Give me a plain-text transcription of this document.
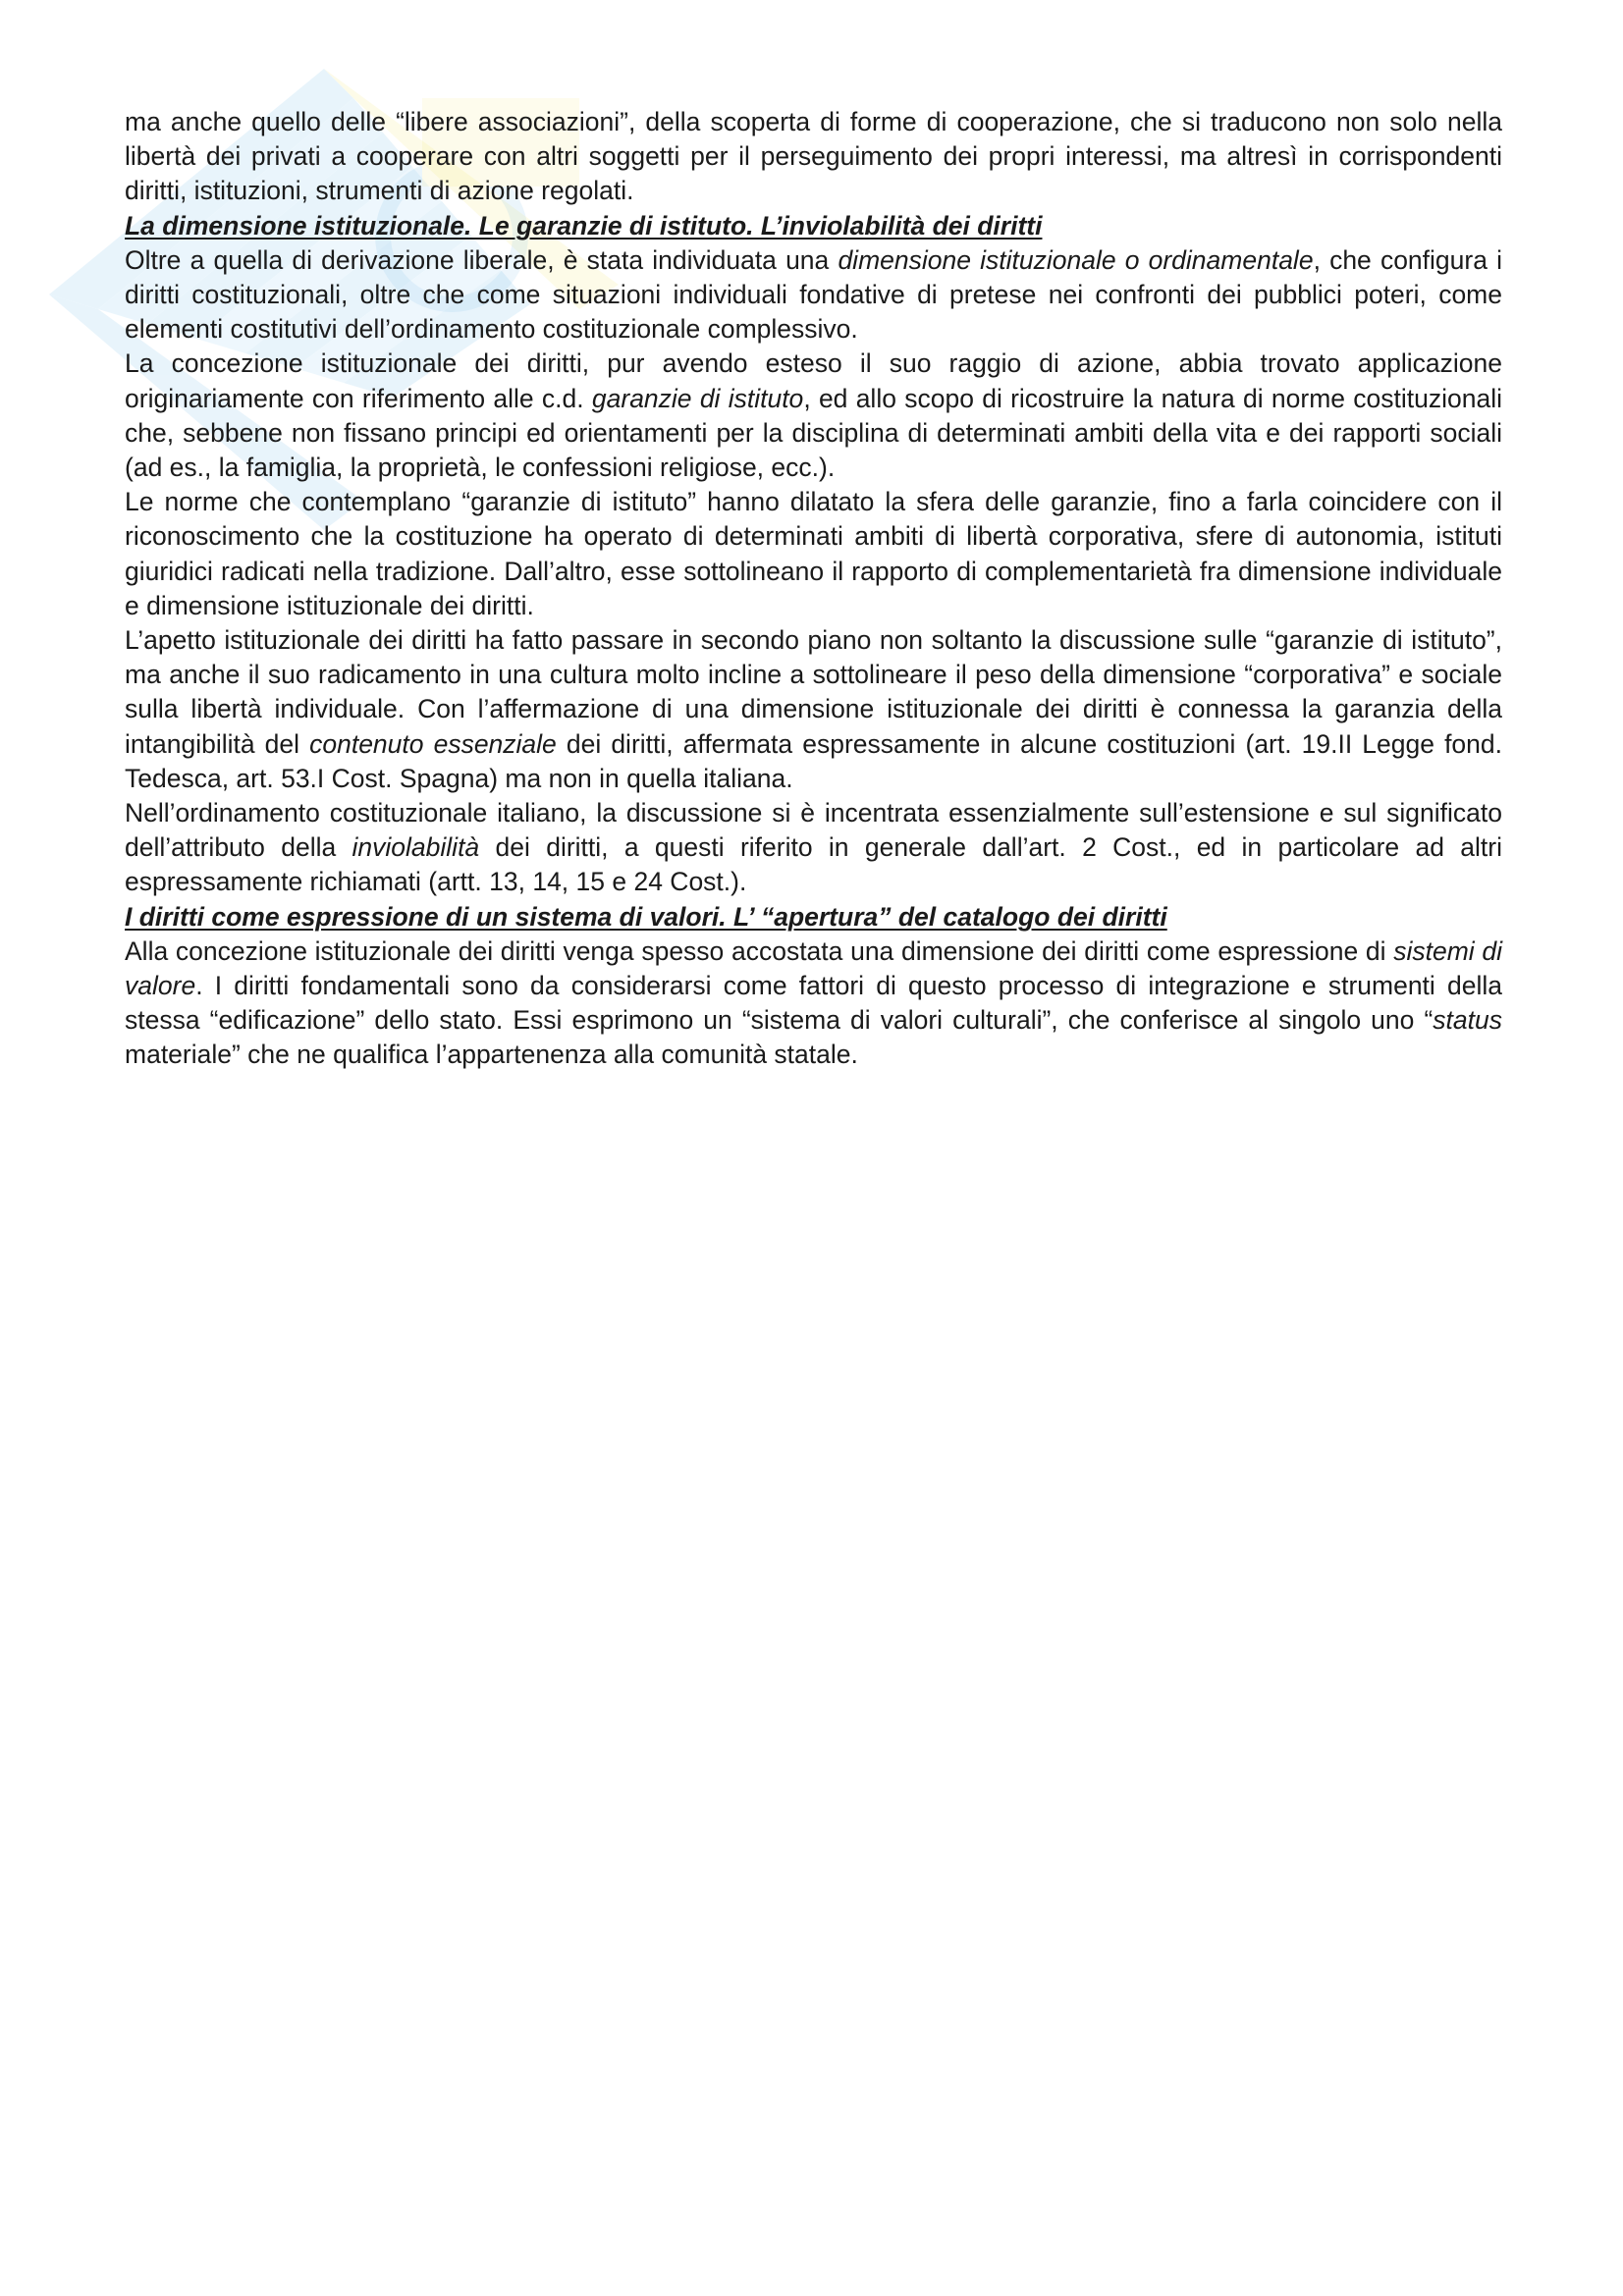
ma anche quello delle “libere associazioni”, della scoperta di forme di cooperazione, che si traducono non solo nella libertà dei privati a cooperare con altri soggetti per il perseguimento dei propri interessi, ma altresì in corrispondenti diritti, istituzioni, strumenti di azione regolati.

La dimensione istituzionale. Le garanzie di istituto. L’inviolabilità dei diritti

Oltre a quella di derivazione liberale, è stata individuata una dimensione istituzionale o ordinamentale, che configura i diritti costituzionali, oltre che come situazioni individuali fondative di pretese nei confronti dei pubblici poteri, come elementi costitutivi dell’ordinamento costituzionale complessivo.

La concezione istituzionale dei diritti, pur avendo esteso il suo raggio di azione, abbia trovato applicazione originariamente con riferimento alle c.d. garanzie di istituto, ed allo scopo di ricostruire la natura di norme costituzionali che, sebbene non fissano principi ed orientamenti per la disciplina di determinati ambiti della vita e dei rapporti sociali (ad es., la famiglia, la proprietà, le confessioni religiose, ecc.).

Le norme che contemplano “garanzie di istituto” hanno dilatato la sfera delle garanzie, fino a farla coincidere con il riconoscimento che la costituzione ha operato di determinati ambiti di libertà corporativa, sfere di autonomia, istituti giuridici radicati nella tradizione. Dall’altro, esse sottolineano il rapporto di complementarietà fra dimensione individuale e dimensione istituzionale dei diritti.

L’apetto istituzionale dei diritti ha fatto passare in secondo piano non soltanto la discussione sulle “garanzie di istituto”, ma anche il suo radicamento in una cultura molto incline a sottolineare il peso della dimensione “corporativa” e sociale sulla libertà individuale. Con l’affermazione di una dimensione istituzionale dei diritti è connessa la garanzia della intangibilità del contenuto essenziale dei diritti, affermata espressamente in alcune costituzioni (art. 19.II Legge fond. Tedesca, art. 53.I Cost. Spagna) ma non in quella italiana.

Nell’ordinamento costituzionale italiano, la discussione si è incentrata essenzialmente sull’estensione e sul significato dell’attributo della inviolabilità dei diritti, a questi riferito in generale dall’art. 2 Cost., ed in particolare ad altri espressamente richiamati (artt. 13, 14, 15 e 24 Cost.).

I diritti come espressione di un sistema di valori. L’ “apertura” del catalogo dei diritti

Alla concezione istituzionale dei diritti venga spesso accostata una dimensione dei diritti come espressione di sistemi di valore. I diritti fondamentali sono da considerarsi come fattori di questo processo di integrazione e strumenti della stessa “edificazione” dello stato. Essi esprimono un “sistema di valori culturali”, che conferisce al singolo uno “status materiale” che ne qualifica l’appartenenza alla comunità statale.
